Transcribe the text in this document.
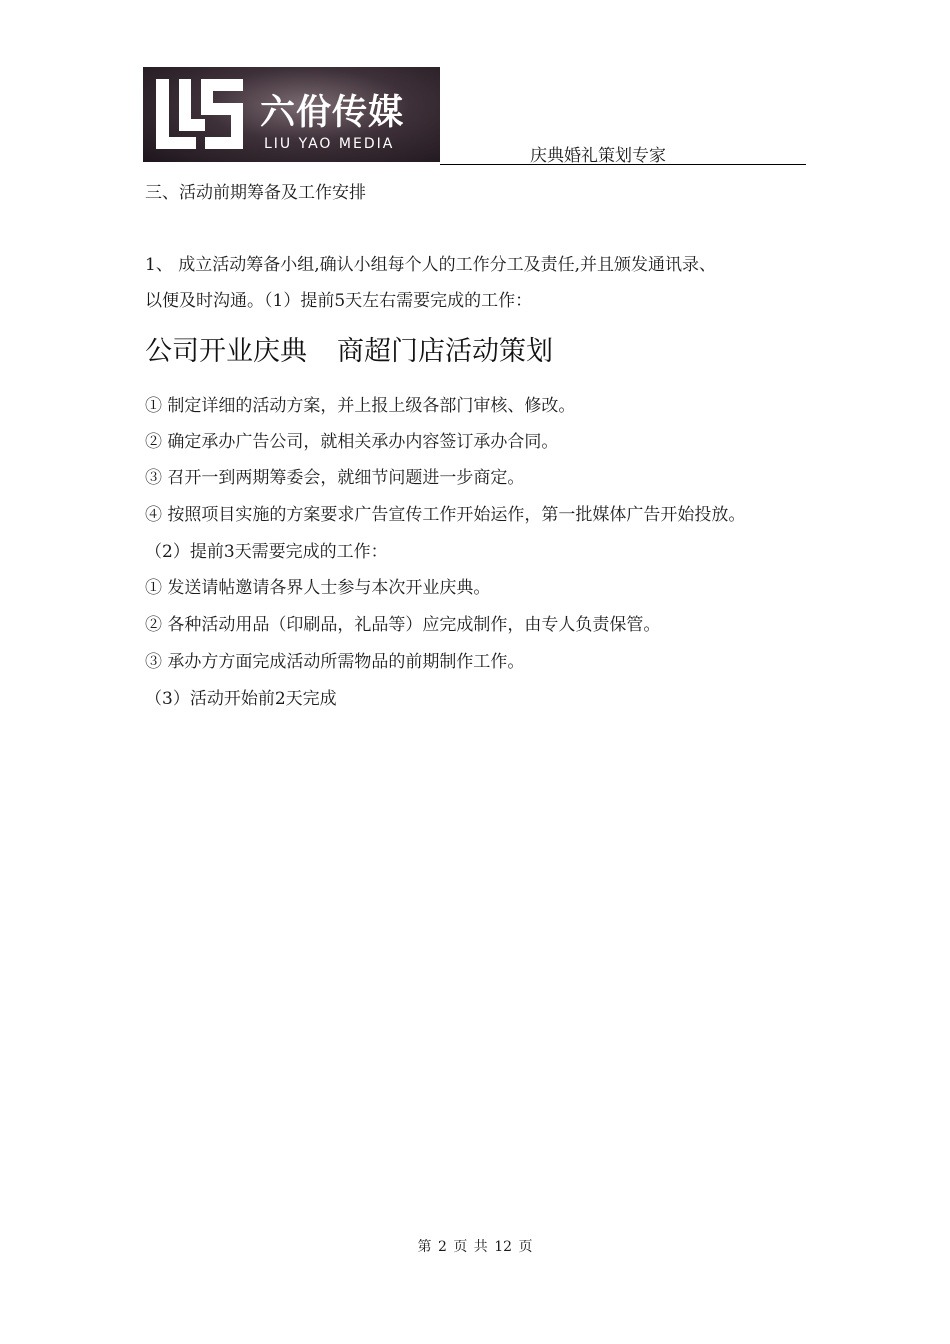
六佾传媒
LIU YAO MEDIA
庆典婚礼策划专家
三、活动前期筹备及工作安排
1、 成立活动筹备小组,确认小组每个人的工作分工及责任,并且颁发通讯录、
以便及时沟通。（1）提前5天左右需要完成的工作：
公司开业庆典 商超门店活动策划
① 制定详细的活动方案，并上报上级各部门审核、修改。
② 确定承办广告公司，就相关承办内容签订承办合同。
③ 召开一到两期筹委会，就细节问题进一步商定。
④ 按照项目实施的方案要求广告宣传工作开始运作，第一批媒体广告开始投放。
（2）提前3天需要完成的工作：
① 发送请帖邀请各界人士参与本次开业庆典。
② 各种活动用品（印刷品，礼品等）应完成制作，由专人负责保管。
③ 承办方方面完成活动所需物品的前期制作工作。
（3）活动开始前2天完成
第 2 页 共 12 页
